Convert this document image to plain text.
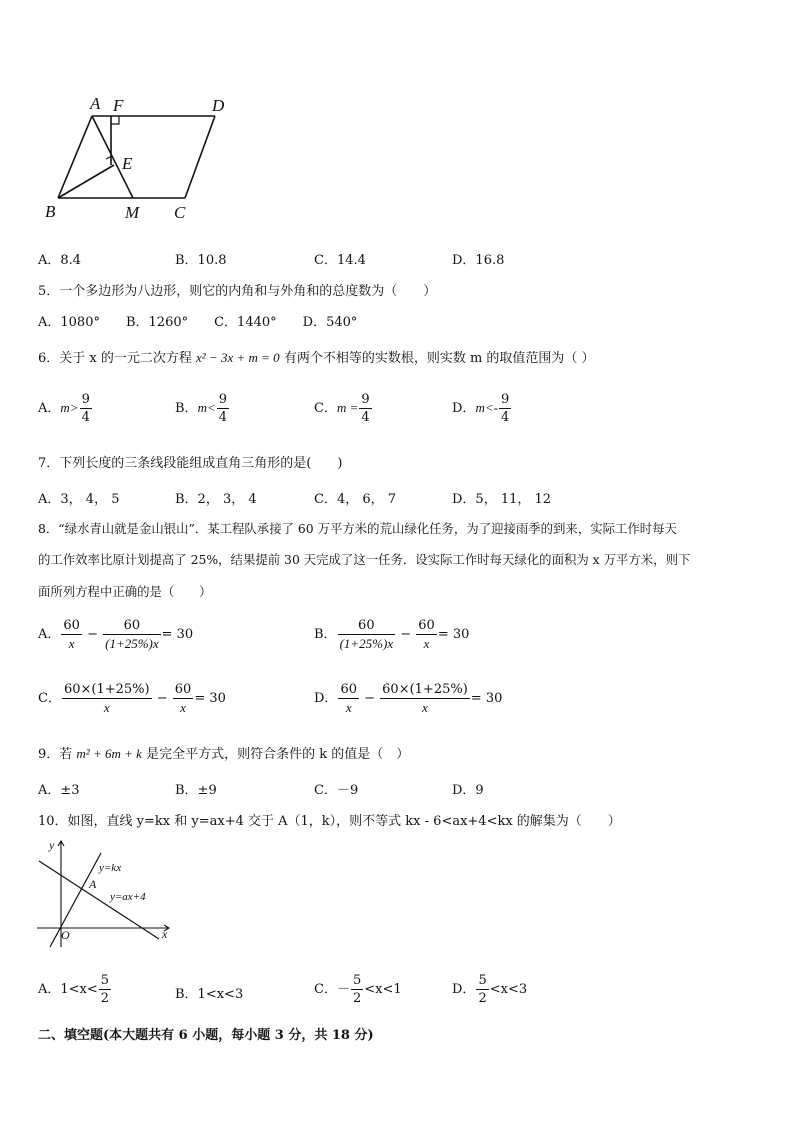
A F	D
E
B	M C
A．8.4	B．10.8	C．14.4	D．16.8
5．一个多边形为八边形，则它的内角和与外角和的总度数为（　　）
A．1080°　　B．1260°　　C．1440°　　D．540°
6．关于 x 的一元二次方程 x² − 3x + m = 0 有两个不相等的实数根，则实数 m 的取值范围为（ ）
A．$m> \frac{9}{4}$	B．$m< \frac{9}{4}$	C．$m = \frac{9}{4}$	D．$m<- \frac{9}{4}$
7．下列长度的三条线段能组成直角三角形的是(　　)
A．3， 4， 5	B．2， 3， 4	C．4， 6， 7	D．5， 11， 12
8．“绿水青山就是金山银山”．某工程队承接了 60 万平方米的荒山绿化任务，为了迎接雨季的到来，实际工作时每天
的工作效率比原计划提高了 25%，结果提前 30 天完成了这一任务．设实际工作时每天绿化的面积为 x 万平方米，则下
面所列方程中正确的是（　　）
A． $\frac{60}{x} - \frac{60}{(1+25\%)x} = 30$	B． $\frac{60}{(1+25\%)x} - \frac{60}{x} = 30$
C． $\frac{60\times(1+25\%)}{x} - \frac{60}{x} = 30$	D． $\frac{60}{x} - \frac{60\times(1+25\%)}{x} = 30$
9．若 m² + 6m + k 是完全平方式，则符合条件的 k 的值是（　）
A．±3	B．±9	C．－9	D．9
10．如图，直线 y=kx 和 y=ax+4 交于 A（1，k），则不等式 kx - 6<ax+4<kx 的解集为（　　）
y
x
O
A
y=kx
y=ax+4
A．$1<x< \frac{5}{2}$	B．1<x<3	C．－ $\frac{5}{2} <x<1$	D． $\frac{5}{2} <x<3$
二、填空题(本大题共有 6 小题，每小题 3 分，共 18 分)
